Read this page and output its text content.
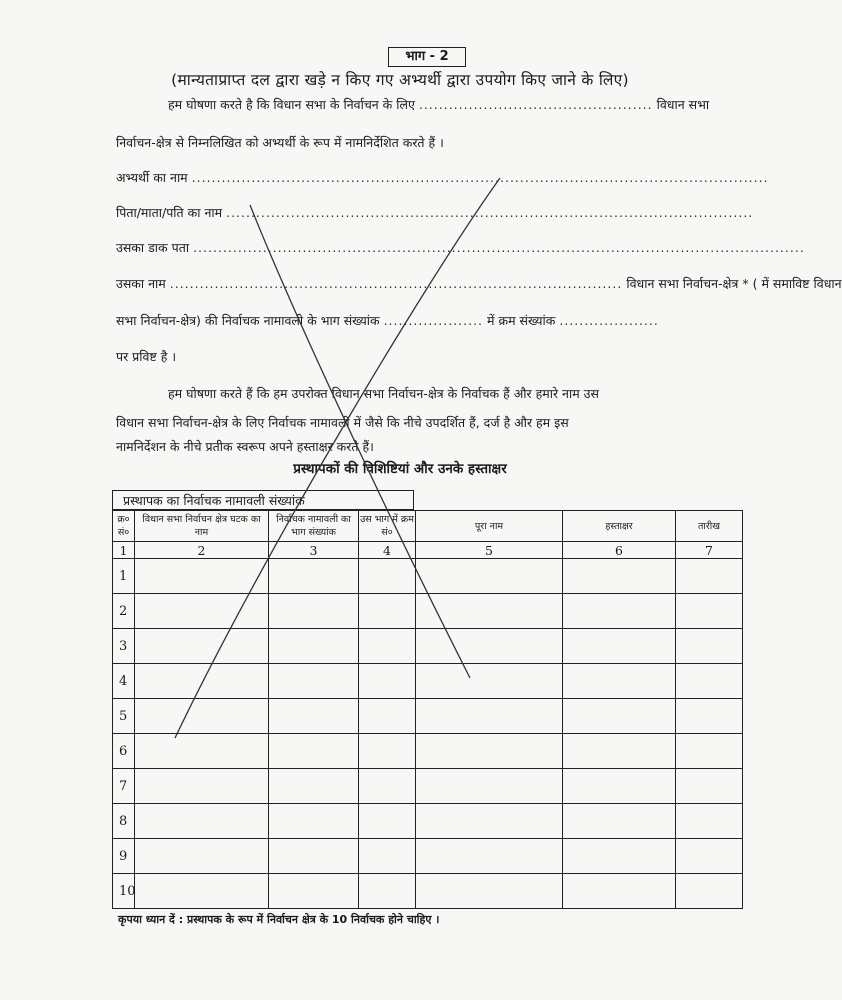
भाग - 2
(मान्यताप्राप्त दल द्वारा खड़े न किए गए अभ्यर्थी द्वारा उपयोग किए जाने के लिए)
हम घोषणा करते है कि विधान सभा के निर्वाचन के लिए ............................................... विधान सभा
निर्वाचन-क्षेत्र से निम्नलिखित को अभ्यर्थी के रूप में नामनिर्देशित करते हैं ।
अभ्यर्थी का नाम ....................................................................................................................
पिता/माता/पति का नाम ..........................................................................................................
उसका डाक पता ...........................................................................................................................
उसका नाम ........................................................................................... विधान सभा निर्वाचन-क्षेत्र * ( में समाविष्ट विधान
सभा निर्वाचन-क्षेत्र) की निर्वाचक नामावली के भाग संख्यांक .................... में क्रम संख्यांक ....................
पर प्रविष्ट है ।
हम घोषणा करते हैं कि हम उपरोक्त विधान सभा निर्वाचन-क्षेत्र के निर्वाचक हैं और हमारे नाम उस
विधान सभा निर्वाचन-क्षेत्र के लिए निर्वाचक नामावली में जैसे कि नीचे उपदर्शित हैं, दर्ज है और हम इस
नामनिर्देशन के नीचे प्रतीक स्वरूप अपने हस्ताक्षर करते हैं।
प्रस्थापकों की विशिष्टियां और उनके हस्ताक्षर
प्रस्थापक का निर्वाचक नामावली संख्यांक
क्र० सं०	विधान सभा निर्वाचन क्षेत्र घटक का नाम	निर्वाचक नामावली का भाग संख्यांक	उस भाग में क्रम सं०	पूरा नाम	हस्ताक्षर	तारीख
1	2	3	4	5	6	7
1						
2						
3						
4						
5						
6						
7						
8						
9						
10						
कृपया ध्यान दें : प्रस्थापक के रूप में निर्वाचन क्षेत्र के 10 निर्वाचक होने चाहिए ।
